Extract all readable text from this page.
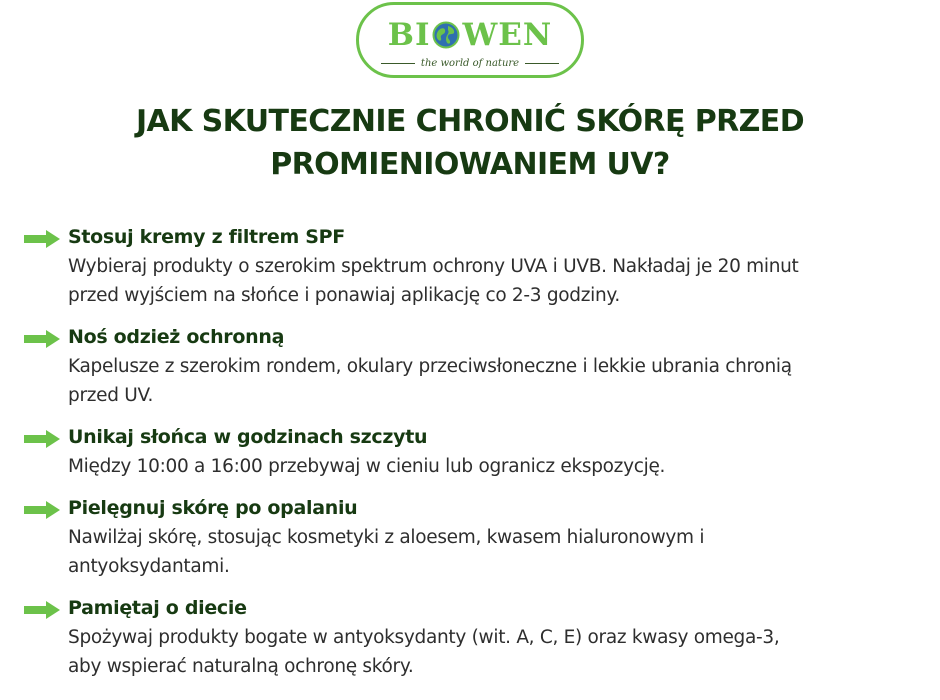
BI WEN
the world of nature
JAK SKUTECZNIE CHRONIĆ SKÓRĘ PRZED
PROMIENIOWANIEM UV?
Stosuj kremy z filtrem SPF
Wybieraj produkty o szerokim spektrum ochrony UVA i UVB. Nakładaj je 20 minut
przed wyjściem na słońce i ponawiaj aplikację co 2-3 godziny.
Noś odzież ochronną
Kapelusze z szerokim rondem, okulary przeciwsłoneczne i lekkie ubrania chronią
przed UV.
Unikaj słońca w godzinach szczytu
Między 10:00 a 16:00 przebywaj w cieniu lub ogranicz ekspozycję.
Pielęgnuj skórę po opalaniu
Nawilżaj skórę, stosując kosmetyki z aloesem, kwasem hialuronowym i
antyoksydantami.
Pamiętaj o diecie
Spożywaj produkty bogate w antyoksydanty (wit. A, C, E) oraz kwasy omega-3,
aby wspierać naturalną ochronę skóry.
